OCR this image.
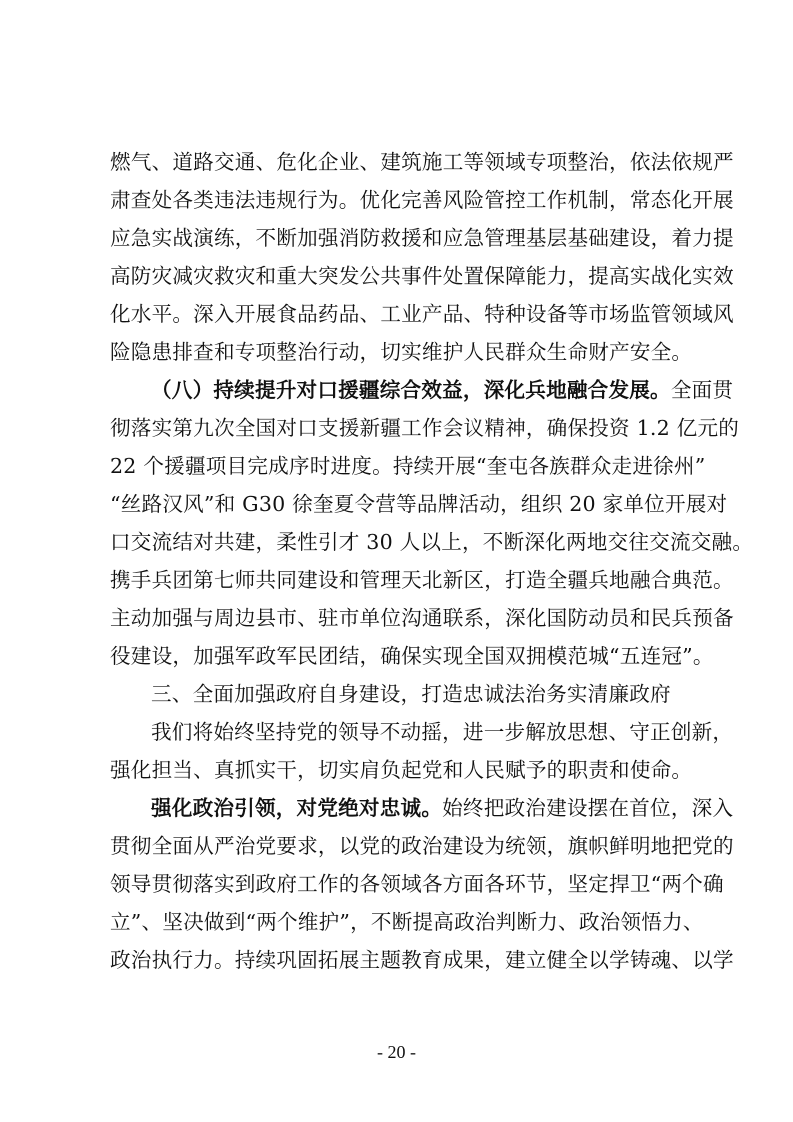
燃气、道路交通、危化企业、建筑施工等领域专项整治，依法依规严
肃查处各类违法违规行为。优化完善风险管控工作机制，常态化开展
应急实战演练，不断加强消防救援和应急管理基层基础建设，着力提
高防灾减灾救灾和重大突发公共事件处置保障能力，提高实战化实效
化水平。深入开展食品药品、工业产品、特种设备等市场监管领域风
险隐患排查和专项整治行动，切实维护人民群众生命财产安全。
（八）持续提升对口援疆综合效益，深化兵地融合发展。全面贯
彻落实第九次全国对口支援新疆工作会议精神，确保投资 1.2 亿元的
22 个援疆项目完成序时进度。持续开展“奎屯各族群众走进徐州”
“丝路汉风”和 G30 徐奎夏令营等品牌活动，组织 20 家单位开展对
口交流结对共建，柔性引才 30 人以上，不断深化两地交往交流交融。
携手兵团第七师共同建设和管理天北新区，打造全疆兵地融合典范。
主动加强与周边县市、驻市单位沟通联系，深化国防动员和民兵预备
役建设，加强军政军民团结，确保实现全国双拥模范城“五连冠”。
三、全面加强政府自身建设，打造忠诚法治务实清廉政府
我们将始终坚持党的领导不动摇，进一步解放思想、守正创新，
强化担当、真抓实干，切实肩负起党和人民赋予的职责和使命。
强化政治引领，对党绝对忠诚。始终把政治建设摆在首位，深入
贯彻全面从严治党要求，以党的政治建设为统领，旗帜鲜明地把党的
领导贯彻落实到政府工作的各领域各方面各环节，坚定捍卫“两个确
立”、坚决做到“两个维护”，不断提高政治判断力、政治领悟力、
政治执行力。持续巩固拓展主题教育成果，建立健全以学铸魂、以学
- 20 -
